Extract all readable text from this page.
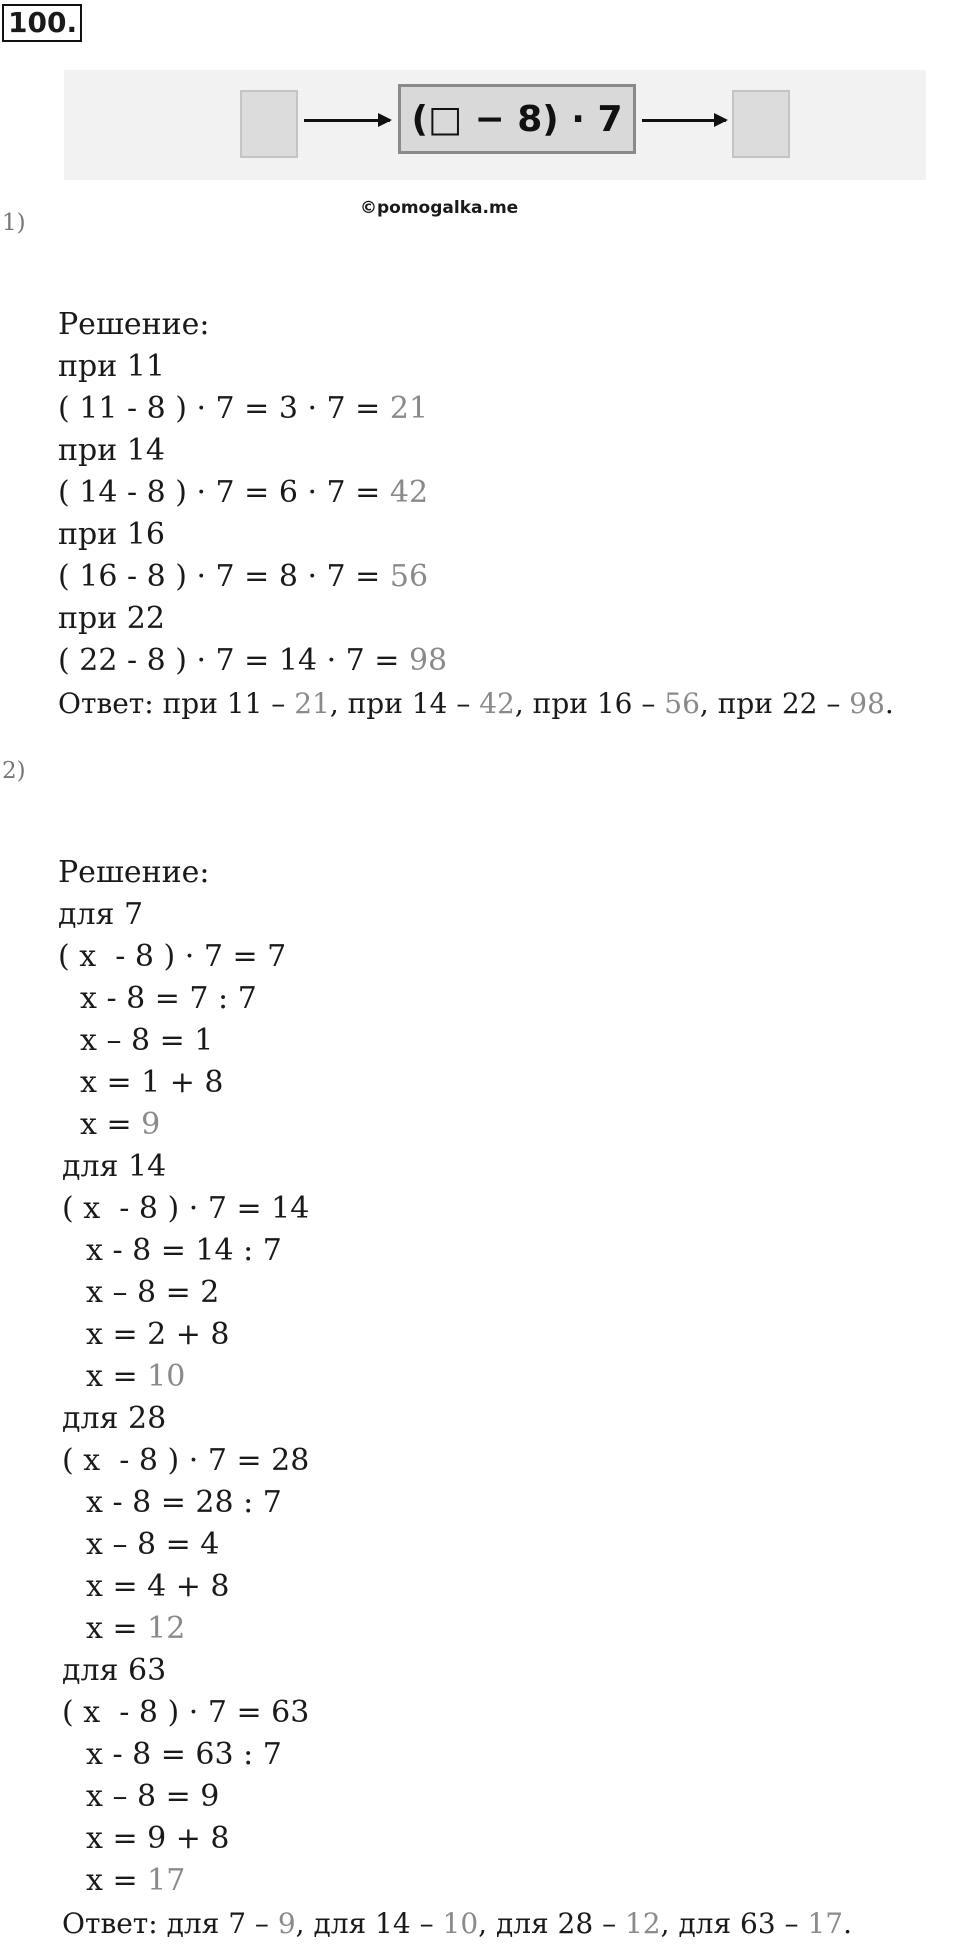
100.
(□ − 8) · 7
©pomogalka.me
1)
Решение:
при 11
( 11 - 8 ) · 7 = 3 · 7 = 21
при 14
( 14 - 8 ) · 7 = 6 · 7 = 42
при 16
( 16 - 8 ) · 7 = 8 · 7 = 56
при 22
( 22 - 8 ) · 7 = 14 · 7 = 98
Ответ: при 11 – 21, при 14 – 42, при 16 – 56, при 22 – 98.
2)
Решение:
для 7
( x  - 8 ) · 7 = 7
x - 8 = 7 : 7
x – 8 = 1
x = 1 + 8
x = 9
для 14
( x  - 8 ) · 7 = 14
x - 8 = 14 : 7
x – 8 = 2
x = 2 + 8
x = 10
для 28
( x  - 8 ) · 7 = 28
x - 8 = 28 : 7
x – 8 = 4
x = 4 + 8
x = 12
для 63
( x  - 8 ) · 7 = 63
x - 8 = 63 : 7
x – 8 = 9
x = 9 + 8
x = 17
Ответ: для 7 – 9, для 14 – 10, для 28 – 12, для 63 – 17.
